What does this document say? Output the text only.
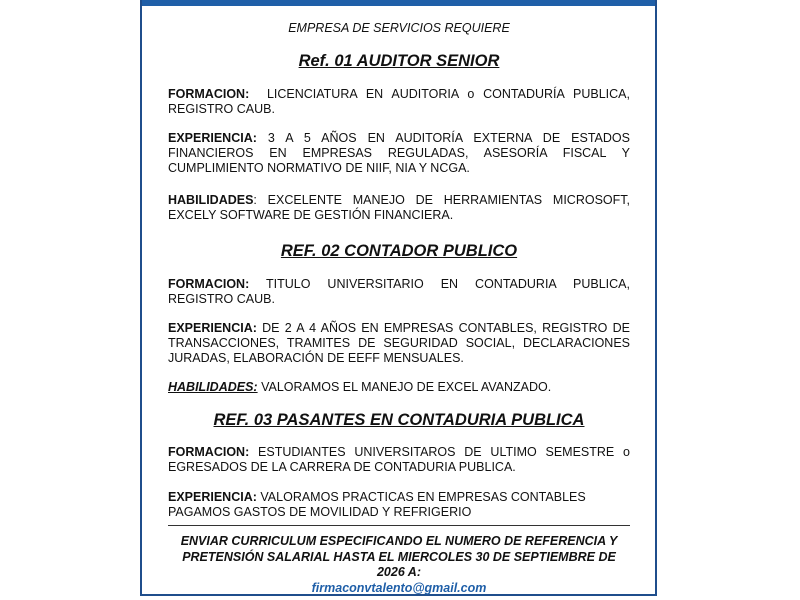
EMPRESA DE SERVICIOS REQUIERE
Ref. 01 AUDITOR SENIOR
FORMACION: LICENCIATURA EN AUDITORIA o CONTADURÍA PUBLICA, REGISTRO CAUB.
EXPERIENCIA: 3 A 5 AÑOS EN AUDITORÍA EXTERNA DE ESTADOS FINANCIEROS EN EMPRESAS REGULADAS, ASESORÍA FISCAL Y CUMPLIMIENTO NORMATIVO DE NIIF, NIA Y NCGA.
HABILIDADES: EXCELENTE MANEJO DE HERRAMIENTAS MICROSOFT, EXCELY SOFTWARE DE GESTIÓN FINANCIERA.
REF. 02 CONTADOR PUBLICO
FORMACION: TITULO UNIVERSITARIO EN CONTADURIA PUBLICA, REGISTRO CAUB.
EXPERIENCIA: DE 2 A 4 AÑOS EN EMPRESAS CONTABLES, REGISTRO DE TRANSACCIONES, TRAMITES DE SEGURIDAD SOCIAL, DECLARACIONES JURADAS, ELABORACIÓN DE EEFF MENSUALES.
HABILIDADES: VALORAMOS EL MANEJO DE EXCEL AVANZADO.
REF. 03 PASANTES EN CONTADURIA PUBLICA
FORMACION: ESTUDIANTES UNIVERSITAROS DE ULTIMO SEMESTRE o EGRESADOS DE LA CARRERA DE CONTADURIA PUBLICA.
EXPERIENCIA: VALORAMOS PRACTICAS EN EMPRESAS CONTABLES PAGAMOS GASTOS DE MOVILIDAD Y REFRIGERIO
ENVIAR CURRICULUM ESPECIFICANDO EL NUMERO DE REFERENCIA Y
PRETENSIÓN SALARIAL HASTA EL MIERCOLES 30 DE SEPTIEMBRE DE 2026 A:
firmaconvtalento@gmail.com
